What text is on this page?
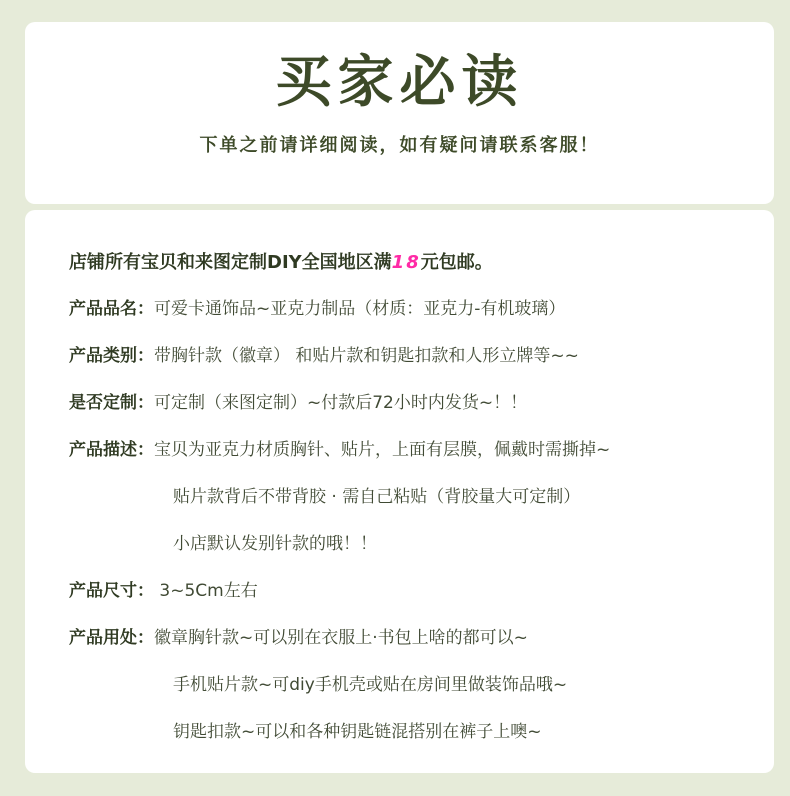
买家必读
下单之前请详细阅读，如有疑问请联系客服！
店铺所有宝贝和来图定制DIY全国地区满18元包邮。
产品品名：可爱卡通饰品~亚克力制品（材质：亚克力-有机玻璃）
产品类别：带胸针款（徽章） 和贴片款和钥匙扣款和人形立牌等~~
是否定制：可定制（来图定制）~付款后72小时内发货~！！
产品描述：宝贝为亚克力材质胸针、贴片，上面有层膜，佩戴时需撕掉~
贴片款背后不带背胶 · 需自己粘贴（背胶量大可定制）
小店默认发别针款的哦！！
产品尺寸： 3~5Cm左右
产品用处：徽章胸针款~可以别在衣服上·书包上啥的都可以~
手机贴片款~可diy手机壳或贴在房间里做装饰品哦~
钥匙扣款~可以和各种钥匙链混搭别在裤子上噢~
